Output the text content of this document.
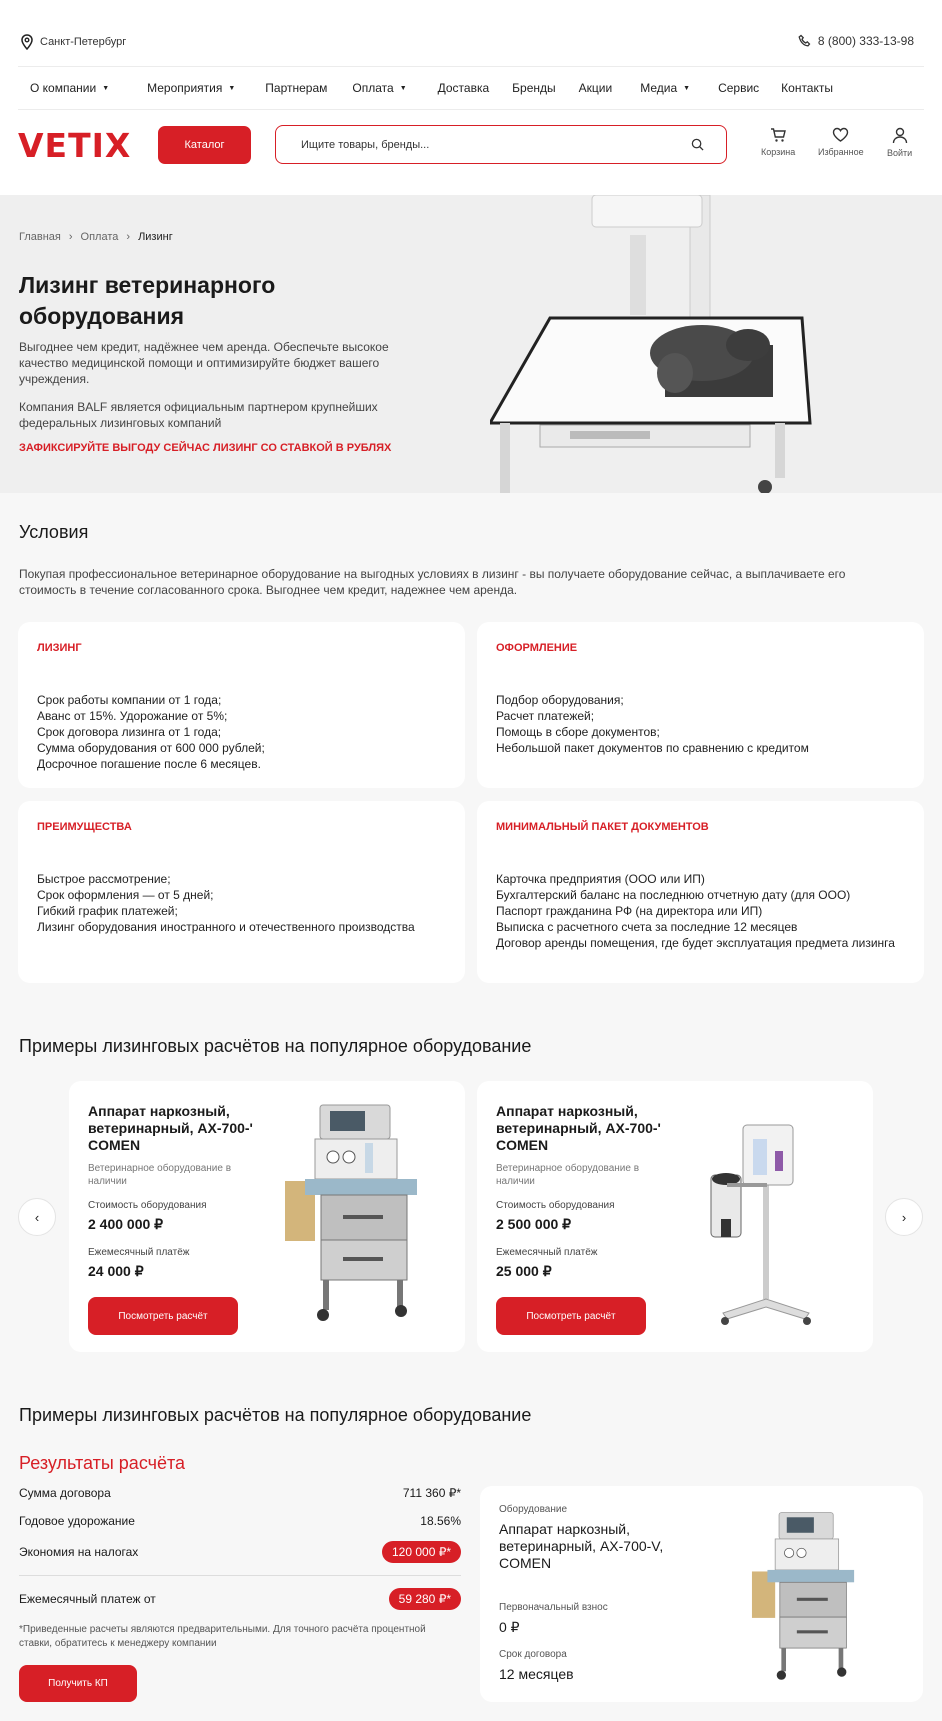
Санкт-Петербург	8 (800) 333-13-98
О компании ▼	Мероприятия ▼	Партнерам Оплата ▼	Доставка Бренды Акции Медиа ▼ Сервис Контакты
VETIX	Каталог	Ищите товары, бренды...
Корзина	Избранное	Войти
Главная › Оплата › Лизинг
Лизинг ветеринарного оборудования

Выгоднее чем кредит, надёжнее чем аренда. Обеспечьте высокое качество медицинской помощи и оптимизируйте бюджет вашего учреждения.

Компания BALF является официальным партнером крупнейших федеральных лизинговых компаний

ЗАФИКСИРУЙТЕ ВЫГОДУ СЕЙЧАС ЛИЗИНГ СО СТАВКОЙ В РУБЛЯХ
Условия
Покупая профессиональное ветеринарное оборудование на выгодных условиях в лизинг - вы получаете оборудование сейчас, а выплачиваете его стоимость в течение согласованного срока. Выгоднее чем кредит, надежнее чем аренда.
ЛИЗИНГ
Срок работы компании от 1 года;
Аванс от 15%. Удорожание от 5%;
Срок договора лизинга от 1 года;
Сумма оборудования от 600 000 рублей;
Досрочное погашение после 6 месяцев.
ОФОРМЛЕНИЕ
Подбор оборудования;
Расчет платежей;
Помощь в сборе документов;
Небольшой пакет документов по сравнению с кредитом
ПРЕИМУЩЕСТВА
Быстрое рассмотрение;
Срок оформления — от 5 дней;
Гибкий график платежей;
Лизинг оборудования иностранного и отечественного производства
МИНИМАЛЬНЫЙ ПАКЕТ ДОКУМЕНТОВ
Карточка предприятия (ООО или ИП)
Бухгалтерский баланс на последнюю отчетную дату (для ООО)
Паспорт гражданина РФ (на директора или ИП)
Выписка с расчетного счета за последние 12 месяцев
Договор аренды помещения, где будет эксплуатация предмета лизинга
Примеры лизинговых расчётов на популярное оборудование
‹	›
Аппарат наркозный, ветеринарный, AX-700-' COMEN
Ветеринарное оборудование в наличии
Стоимость оборудования
2 400 000 ₽
Ежемесячный платёж
24 000 ₽
Посмотреть расчёт
Аппарат наркозный, ветеринарный, AX-700-' COMEN
Ветеринарное оборудование в наличии
Стоимость оборудования
2 500 000 ₽
Ежемесячный платёж
25 000 ₽
Посмотреть расчёт
Примеры лизинговых расчётов на популярное оборудование
Результаты расчёта
Сумма договора	711 360 ₽*
Годовое удорожание	18.56%
Экономия на налогах	120 000 ₽*
Ежемесячный платеж от	59 280 ₽*
*Приведенные расчеты являются предварительными. Для точного расчёта процентной ставки, обратитесь к менеджеру компании
Получить КП
Оборудование
Аппарат наркозный, ветеринарный, AX-700-V, COMEN
Первоначальный взнос
0 ₽
Срок договора
12 месяцев
